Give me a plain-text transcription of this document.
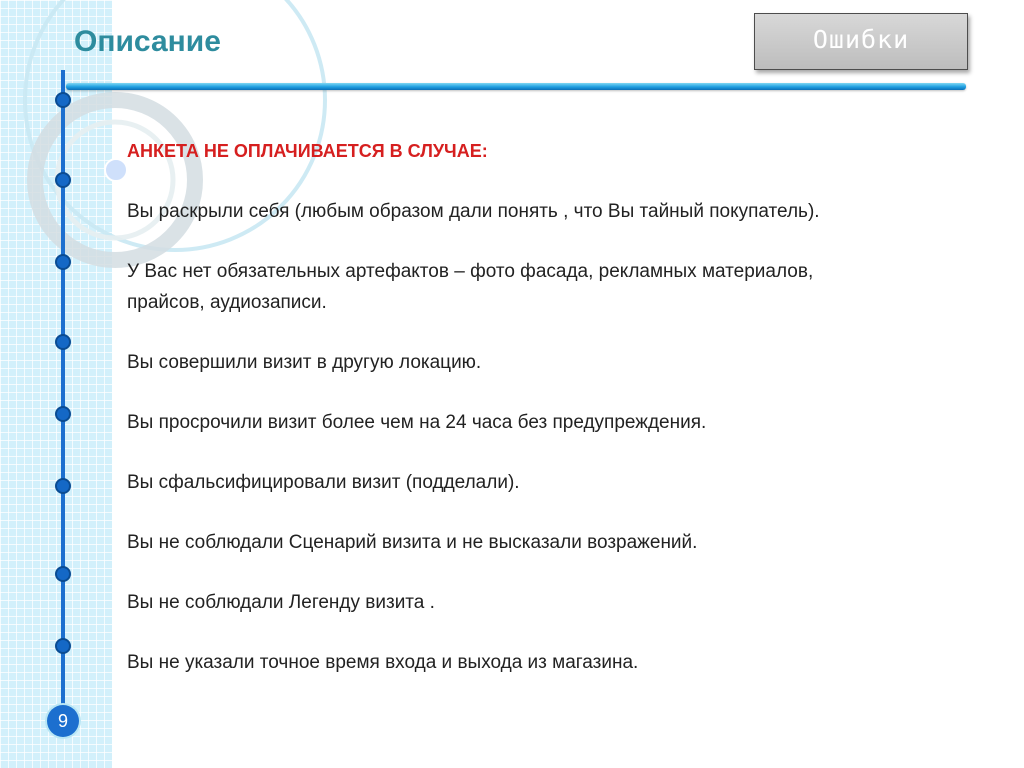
Описание	Ошибки
9

АНКЕТА НЕ ОПЛАЧИВАЕТСЯ В СЛУЧАЕ:

Вы раскрыли себя (любым образом дали понять , что Вы тайный покупатель).

У Вас нет обязательных артефактов – фото фасада, рекламных материалов, прайсов, аудиозаписи.

Вы совершили визит в другую локацию.

Вы просрочили визит более чем на 24 часа без предупреждения.

Вы сфальсифицировали визит (подделали).

Вы не соблюдали Сценарий визита и не высказали возражений.

Вы не соблюдали Легенду визита .

Вы не указали точное время входа и выхода из магазина.
